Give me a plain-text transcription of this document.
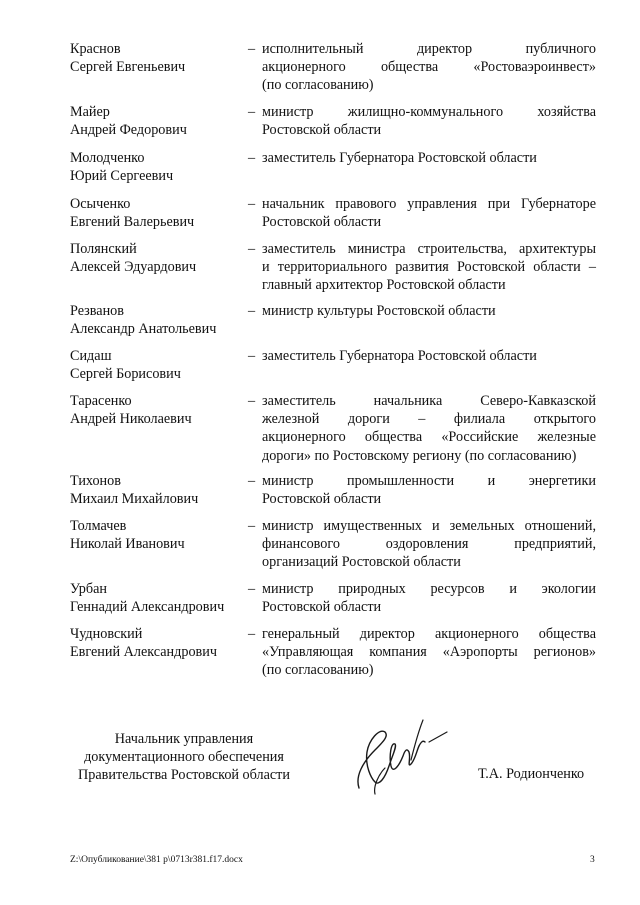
Краснов
Сергей Евгеньевич
– исполнительный директор публичного
акционерного общества «Ростоваэроинвест»
(по согласованию)
Майер
Андрей Федорович
– министр жилищно-коммунального хозяйства
Ростовской области
Молодченко
Юрий Сергеевич
– заместитель Губернатора Ростовской области
Осыченко
Евгений Валерьевич
– начальник правового управления при Губернаторе
Ростовской области
Полянский
Алексей Эдуардович
– заместитель министра строительства, архитектуры
и территориального развития Ростовской области –
главный архитектор Ростовской области
Резванов
Александр Анатольевич
– министр культуры Ростовской области
Сидаш
Сергей Борисович
– заместитель Губернатора Ростовской области
Тарасенко
Андрей Николаевич
– заместитель начальника Северо-Кавказской
железной дороги – филиала открытого
акционерного общества «Российские железные
дороги» по Ростовскому региону (по согласованию)
Тихонов
Михаил Михайлович
– министр промышленности и энергетики
Ростовской области
Толмачев
Николай Иванович
– министр имущественных и земельных отношений,
финансового оздоровления предприятий,
организаций Ростовской области
Урбан
Геннадий Александрович
– министр природных ресурсов и экологии
Ростовской области
Чудновский
Евгений Александрович
– генеральный директор акционерного общества
«Управляющая компания «Аэропорты регионов»
(по согласованию)
Начальник управления
документационного обеспечения
Правительства Ростовской области	Т.А. Родионченко
Z:\Опубликование\381 р\0713r381.f17.docx	3
